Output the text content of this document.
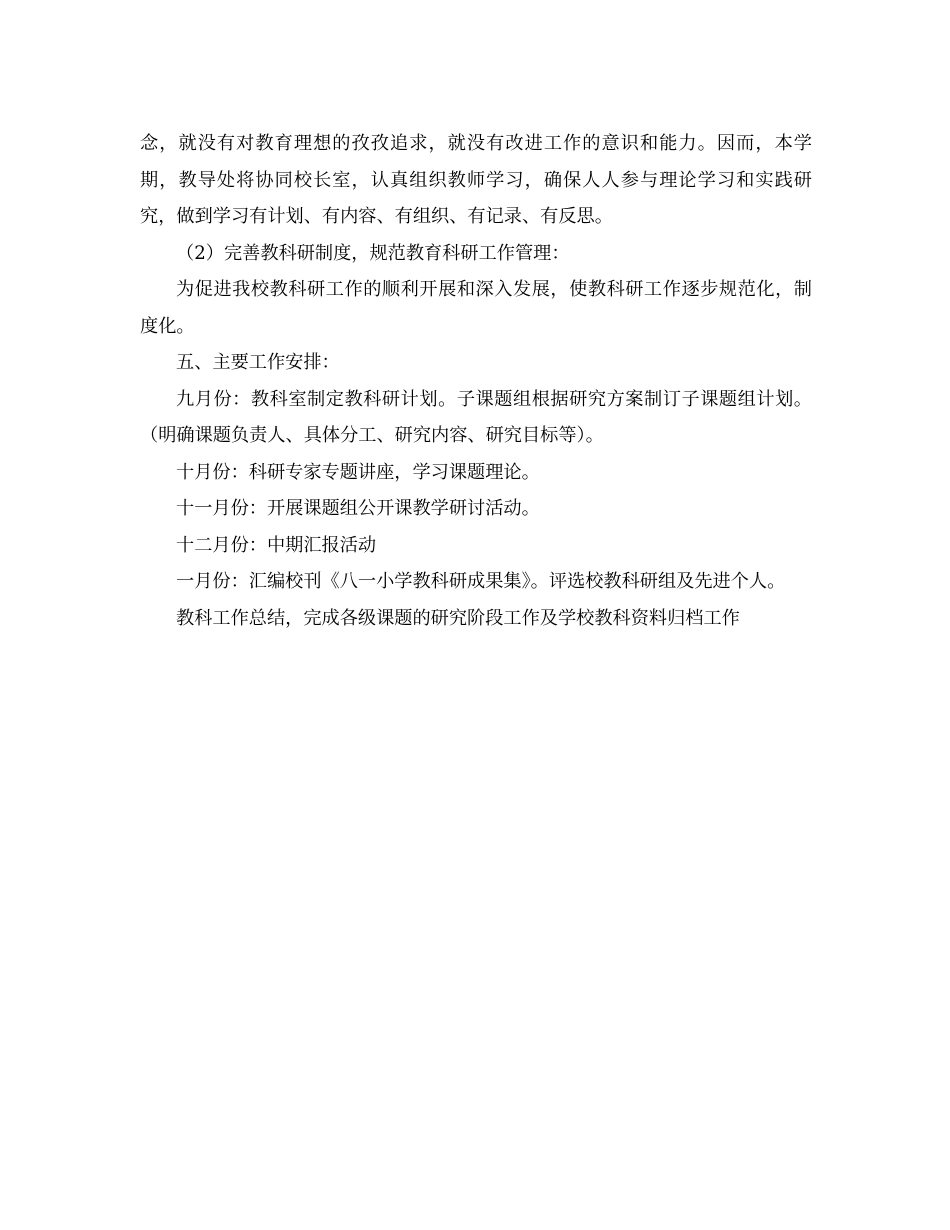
念，就没有对教育理想的孜孜追求，就没有改进工作的意识和能力。因而，本学期，教导处将协同校长室，认真组织教师学习，确保人人参与理论学习和实践研究，做到学习有计划、有内容、有组织、有记录、有反思。

（2）完善教科研制度，规范教育科研工作管理：

为促进我校教科研工作的顺利开展和深入发展，使教科研工作逐步规范化，制度化。

五、主要工作安排：

九月份：教科室制定教科研计划。子课题组根据研究方案制订子课题组计划。（明确课题负责人、具体分工、研究内容、研究目标等）。

十月份：科研专家专题讲座，学习课题理论。

十一月份：开展课题组公开课教学研讨活动。

十二月份：中期汇报活动

一月份：汇编校刊《八一小学教科研成果集》。评选校教科研组及先进个人。

教科工作总结，完成各级课题的研究阶段工作及学校教科资料归档工作
